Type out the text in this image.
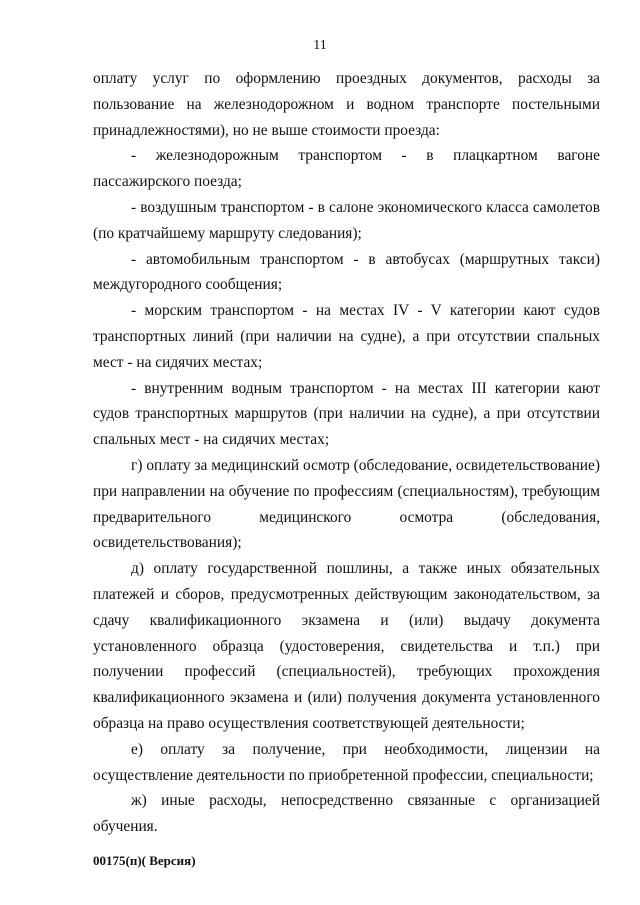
11

оплату услуг по оформлению проездных документов, расходы за пользование на железнодорожном и водном транспорте постельными принадлежностями), но не выше стоимости проезда:

- железнодорожным транспортом - в плацкартном вагоне пассажирского поезда;

- воздушным транспортом - в салоне экономического класса самолетов (по кратчайшему маршруту следования);

- автомобильным транспортом - в автобусах (маршрутных такси) междугородного сообщения;

- морским транспортом - на местах IV - V категории кают судов транспортных линий (при наличии на судне), а при отсутствии спальных мест - на сидячих местах;

- внутренним водным транспортом - на местах III категории кают судов транспортных маршрутов (при наличии на судне), а при отсутствии спальных мест - на сидячих местах;

г) оплату за медицинский осмотр (обследование, освидетельствование) при направлении на обучение по профессиям (специальностям), требующим предварительного медицинского осмотра (обследования, освидетельствования);

д) оплату государственной пошлины, а также иных обязательных платежей и сборов, предусмотренных действующим законодательством, за сдачу квалификационного экзамена и (или) выдачу документа установленного образца (удостоверения, свидетельства и т.п.) при получении профессий (специальностей), требующих прохождения квалификационного экзамена и (или) получения документа установленного образца на право осуществления соответствующей деятельности;

е) оплату за получение, при необходимости, лицензии на осуществление деятельности по приобретенной профессии, специальности;

ж) иные расходы, непосредственно связанные с организацией обучения.

00175(п)( Версия)
